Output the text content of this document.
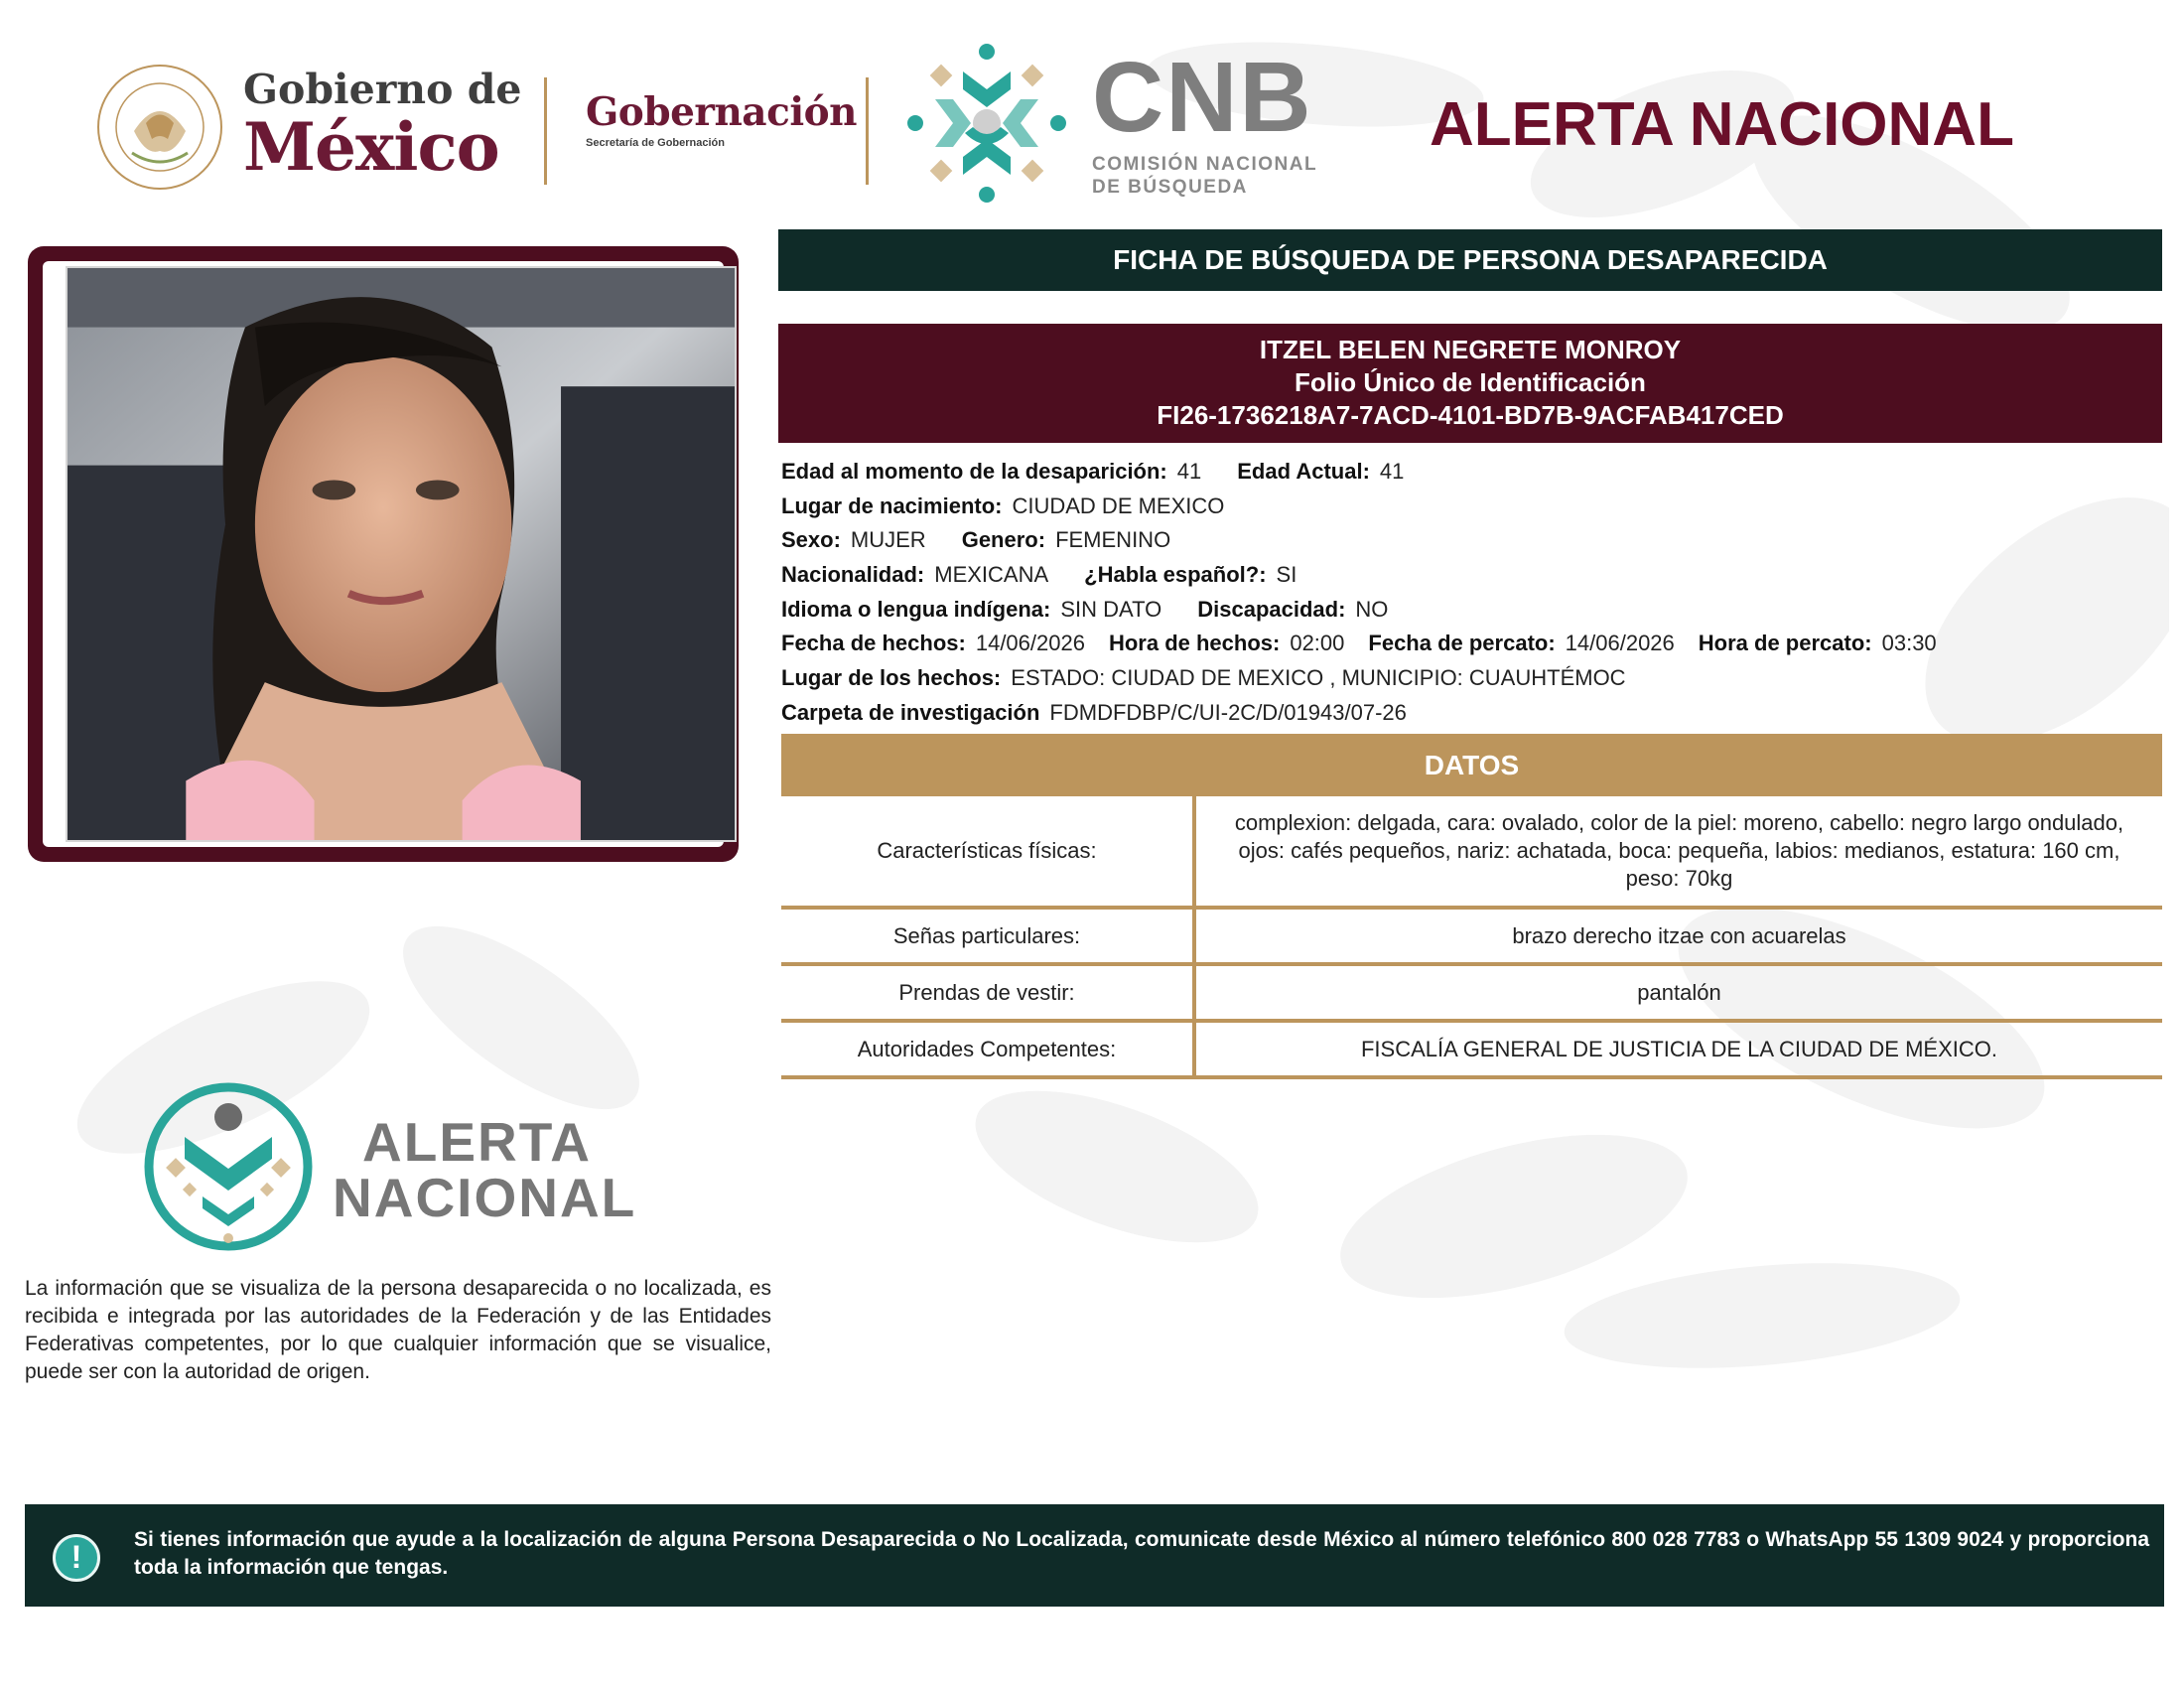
Gobierno de
México	Gobernación
Secretaría de Gobernación	CNB
COMISIÓN NACIONAL
DE BÚSQUEDA
ALERTA NACIONAL
FICHA DE BÚSQUEDA DE PERSONA DESAPARECIDA
ITZEL BELEN NEGRETE MONROY
Folio Único de Identificación
FI26-1736218A7-7ACD-4101-BD7B-9ACFAB417CED
Edad al momento de la desaparición: 41 Edad Actual: 41
Lugar de nacimiento: CIUDAD DE MEXICO
Sexo: MUJER Genero: FEMENINO
Nacionalidad: MEXICANA ¿Habla español?: SI
Idioma o lengua indígena: SIN DATO Discapacidad: NO
Fecha de hechos: 14/06/2026 Hora de hechos: 02:00 Fecha de percato: 14/06/2026 Hora de percato: 03:30
Lugar de los hechos: ESTADO: CIUDAD DE MEXICO , MUNICIPIO: CUAUHTÉMOC
Carpeta de investigación FDMDFDBP/C/UI-2C/D/01943/07-26
DATOS
Características físicas:	complexion: delgada, cara: ovalado, color de la piel: moreno, cabello: negro largo ondulado, ojos: cafés pequeños, nariz: achatada, boca: pequeña, labios: medianos, estatura: 160 cm, peso: 70kg
Señas particulares:	brazo derecho itzae con acuarelas
Prendas de vestir:	pantalón
Autoridades Competentes:	FISCALÍA GENERAL DE JUSTICIA DE LA CIUDAD DE MÉXICO.
ALERTA
NACIONAL
La información que se visualiza de la persona desaparecida o no localizada, es recibida e integrada por las autoridades de la Federación y de las Entidades Federativas competentes, por lo que cualquier información que se visualice, puede ser con la autoridad de origen.
!	Si tienes información que ayude a la localización de alguna Persona Desaparecida o No Localizada, comunicate desde México al número telefónico 800 028 7783 o WhatsApp 55 1309 9024 y proporciona toda la información que tengas.
